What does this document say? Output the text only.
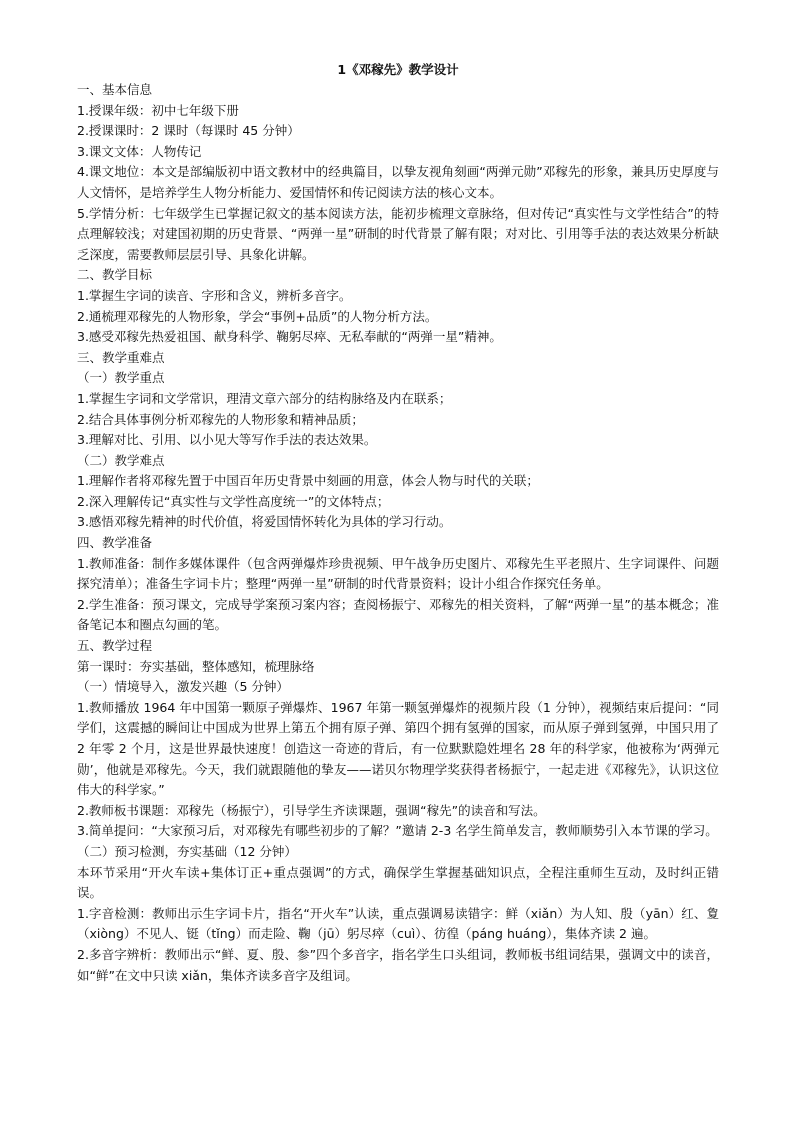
1《邓稼先》教学设计

一、基本信息

1.授课年级：初中七年级下册

2.授课课时：2 课时（每课时 45 分钟）

3.课文文体：人物传记

4.课文地位：本文是部编版初中语文教材中的经典篇目，以挚友视角刻画“两弹元勋”邓稼先的形象，兼具历史厚度与人文情怀，是培养学生人物分析能力、爱国情怀和传记阅读方法的核心文本。

5.学情分析：七年级学生已掌握记叙文的基本阅读方法，能初步梳理文章脉络，但对传记“真实性与文学性结合”的特点理解较浅；对建国初期的历史背景、“两弹一星”研制的时代背景了解有限；对对比、引用等手法的表达效果分析缺乏深度，需要教师层层引导、具象化讲解。

二、教学目标

1.掌握生字词的读音、字形和含义，辨析多音字。

2.通梳理邓稼先的人物形象，学会“事例+品质”的人物分析方法。

3.感受邓稼先热爱祖国、献身科学、鞠躬尽瘁、无私奉献的“两弹一星”精神。

三、教学重难点

（一）教学重点

1.掌握生字词和文学常识，理清文章六部分的结构脉络及内在联系；

2.结合具体事例分析邓稼先的人物形象和精神品质；

3.理解对比、引用、以小见大等写作手法的表达效果。

（二）教学难点

1.理解作者将邓稼先置于中国百年历史背景中刻画的用意，体会人物与时代的关联；

2.深入理解传记“真实性与文学性高度统一”的文体特点；

3.感悟邓稼先精神的时代价值，将爱国情怀转化为具体的学习行动。

四、教学准备

1.教师准备：制作多媒体课件（包含两弹爆炸珍贵视频、甲午战争历史图片、邓稼先生平老照片、生字词课件、问题探究清单）；准备生字词卡片；整理“两弹一星”研制的时代背景资料；设计小组合作探究任务单。

2.学生准备：预习课文，完成导学案预习案内容；查阅杨振宁、邓稼先的相关资料，了解“两弹一星”的基本概念；准备笔记本和圈点勾画的笔。

五、教学过程

第一课时：夯实基础，整体感知，梳理脉络

（一）情境导入，激发兴趣（5 分钟）

1.教师播放 1964 年中国第一颗原子弹爆炸、1967 年第一颗氢弹爆炸的视频片段（1 分钟），视频结束后提问：“同学们，这震撼的瞬间让中国成为世界上第五个拥有原子弹、第四个拥有氢弹的国家，而从原子弹到氢弹，中国只用了 2 年零 2 个月，这是世界最快速度！创造这一奇迹的背后，有一位默默隐姓埋名 28 年的科学家，他被称为‘两弹元勋’，他就是邓稼先。今天，我们就跟随他的挚友——诺贝尔物理学奖获得者杨振宁，一起走进《邓稼先》，认识这位伟大的科学家。”

2.教师板书课题：邓稼先（杨振宁），引导学生齐读课题，强调“稼先”的读音和写法。

3.简单提问：“大家预习后，对邓稼先有哪些初步的了解？”邀请 2-3 名学生简单发言，教师顺势引入本节课的学习。

（二）预习检测，夯实基础（12 分钟）

本环节采用“开火车读+集体订正+重点强调”的方式，确保学生掌握基础知识点，全程注重师生互动，及时纠正错误。

1.字音检测：教师出示生字词卡片，指名“开火车”认读，重点强调易读错字：鲜（xiǎn）为人知、殷（yān）红、夐（xiòng）不见人、铤（tǐng）而走险、鞠（jū）躬尽瘁（cuì）、彷徨（páng huáng），集体齐读 2 遍。

2.多音字辨析：教师出示“鲜、夏、殷、参”四个多音字，指名学生口头组词，教师板书组词结果，强调文中的读音，如“鲜”在文中只读 xiǎn，集体齐读多音字及组词。
